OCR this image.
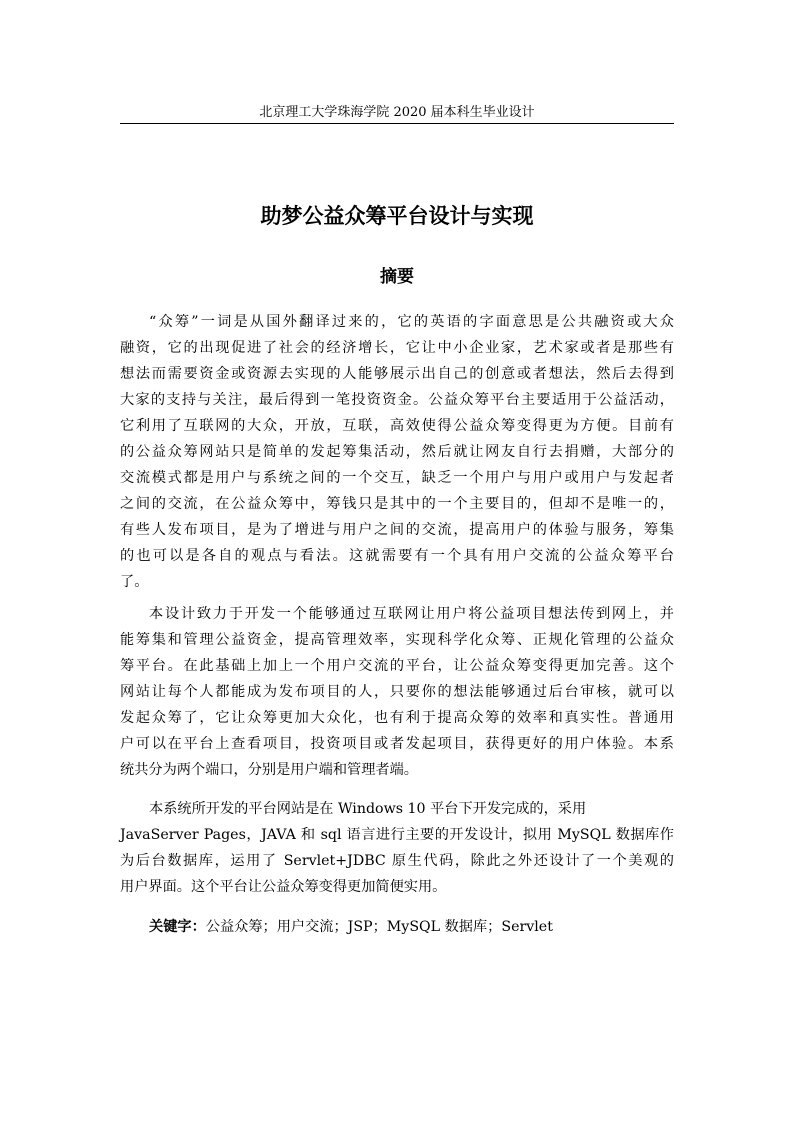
北京理工大学珠海学院 2020 届本科生毕业设计
助梦公益众筹平台设计与实现
摘要
“众筹”一词是从国外翻译过来的，它的英语的字面意思是公共融资或大众
融资，它的出现促进了社会的经济增长，它让中小企业家，艺术家或者是那些有
想法而需要资金或资源去实现的人能够展示出自己的创意或者想法，然后去得到
大家的支持与关注，最后得到一笔投资资金。公益众筹平台主要适用于公益活动，
它利用了互联网的大众，开放，互联，高效使得公益众筹变得更为方便。目前有
的公益众筹网站只是简单的发起筹集活动，然后就让网友自行去捐赠，大部分的
交流模式都是用户与系统之间的一个交互，缺乏一个用户与用户或用户与发起者
之间的交流，在公益众筹中，筹钱只是其中的一个主要目的，但却不是唯一的，
有些人发布项目，是为了增进与用户之间的交流，提高用户的体验与服务，筹集
的也可以是各自的观点与看法。这就需要有一个具有用户交流的公益众筹平台
了。
本设计致力于开发一个能够通过互联网让用户将公益项目想法传到网上，并
能筹集和管理公益资金，提高管理效率，实现科学化众筹、正规化管理的公益众
筹平台。在此基础上加上一个用户交流的平台，让公益众筹变得更加完善。这个
网站让每个人都能成为发布项目的人，只要你的想法能够通过后台审核，就可以
发起众筹了，它让众筹更加大众化，也有利于提高众筹的效率和真实性。普通用
户可以在平台上查看项目，投资项目或者发起项目，获得更好的用户体验。本系
统共分为两个端口，分别是用户端和管理者端。
本系统所开发的平台网站是在 Windows 10 平台下开发完成的，采用
JavaServer Pages，JAVA 和 sql 语言进行主要的开发设计，拟用 MySQL 数据库作
为后台数据库，运用了 Servlet+JDBC 原生代码，除此之外还设计了一个美观的
用户界面。这个平台让公益众筹变得更加简便实用。
关键字：公益众筹；用户交流；JSP；MySQL 数据库；Servlet
